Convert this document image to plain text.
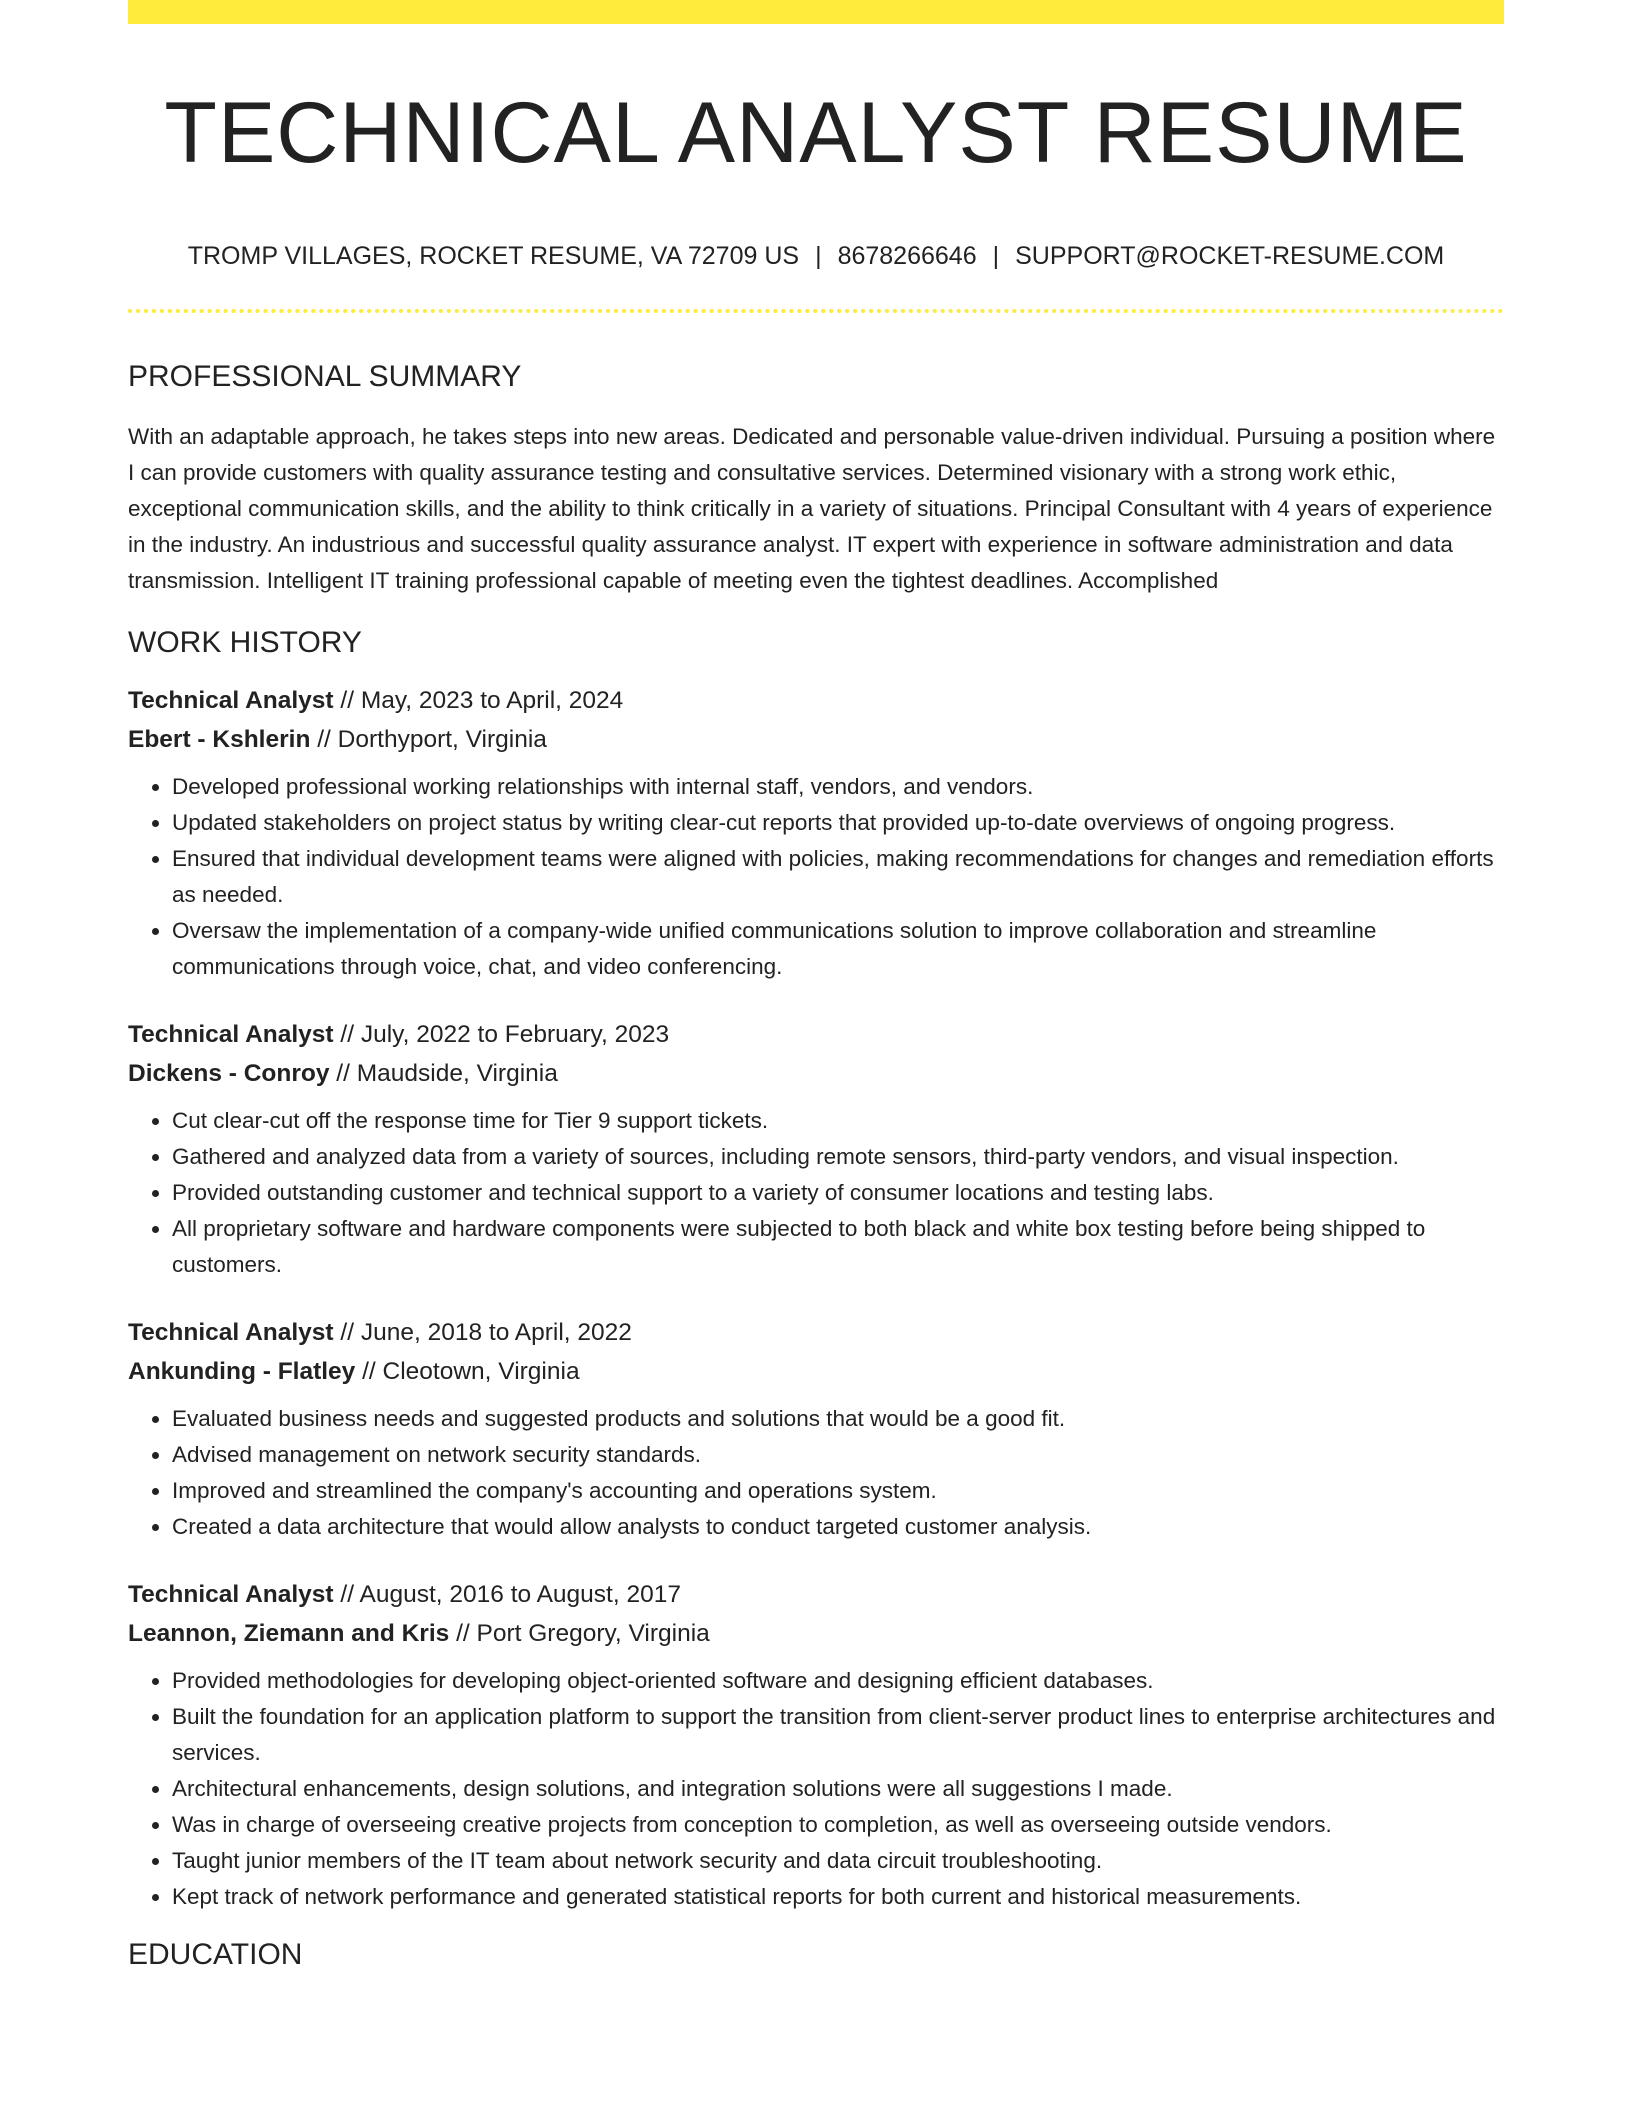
TECHNICAL ANALYST RESUME
TROMP VILLAGES, ROCKET RESUME, VA 72709 US | 8678266646 | SUPPORT@ROCKET-RESUME.COM
PROFESSIONAL SUMMARY

With an adaptable approach, he takes steps into new areas. Dedicated and personable value-driven individual. Pursuing a position where I can provide customers with quality assurance testing and consultative services. Determined visionary with a strong work ethic, exceptional communication skills, and the ability to think critically in a variety of situations. Principal Consultant with 4 years of experience in the industry. An industrious and successful quality assurance analyst. IT expert with experience in software administration and data transmission. Intelligent IT training professional capable of meeting even the tightest deadlines. Accomplished

WORK HISTORY
Technical Analyst // May, 2023 to April, 2024
Ebert - Kshlerin // Dorthyport, Virginia
• Developed professional working relationships with internal staff, vendors, and vendors.
• Updated stakeholders on project status by writing clear-cut reports that provided up-to-date overviews of ongoing progress.
• Ensured that individual development teams were aligned with policies, making recommendations for changes and remediation efforts as needed.
• Oversaw the implementation of a company-wide unified communications solution to improve collaboration and streamline communications through voice, chat, and video conferencing.
Technical Analyst // July, 2022 to February, 2023
Dickens - Conroy // Maudside, Virginia
• Cut clear-cut off the response time for Tier 9 support tickets.
• Gathered and analyzed data from a variety of sources, including remote sensors, third-party vendors, and visual inspection.
• Provided outstanding customer and technical support to a variety of consumer locations and testing labs.
• All proprietary software and hardware components were subjected to both black and white box testing before being shipped to customers.
Technical Analyst // June, 2018 to April, 2022
Ankunding - Flatley // Cleotown, Virginia
• Evaluated business needs and suggested products and solutions that would be a good fit.
• Advised management on network security standards.
• Improved and streamlined the company's accounting and operations system.
• Created a data architecture that would allow analysts to conduct targeted customer analysis.
Technical Analyst // August, 2016 to August, 2017
Leannon, Ziemann and Kris // Port Gregory, Virginia
• Provided methodologies for developing object-oriented software and designing efficient databases.
• Built the foundation for an application platform to support the transition from client-server product lines to enterprise architectures and services.
• Architectural enhancements, design solutions, and integration solutions were all suggestions I made.
• Was in charge of overseeing creative projects from conception to completion, as well as overseeing outside vendors.
• Taught junior members of the IT team about network security and data circuit troubleshooting.
• Kept track of network performance and generated statistical reports for both current and historical measurements.
EDUCATION
